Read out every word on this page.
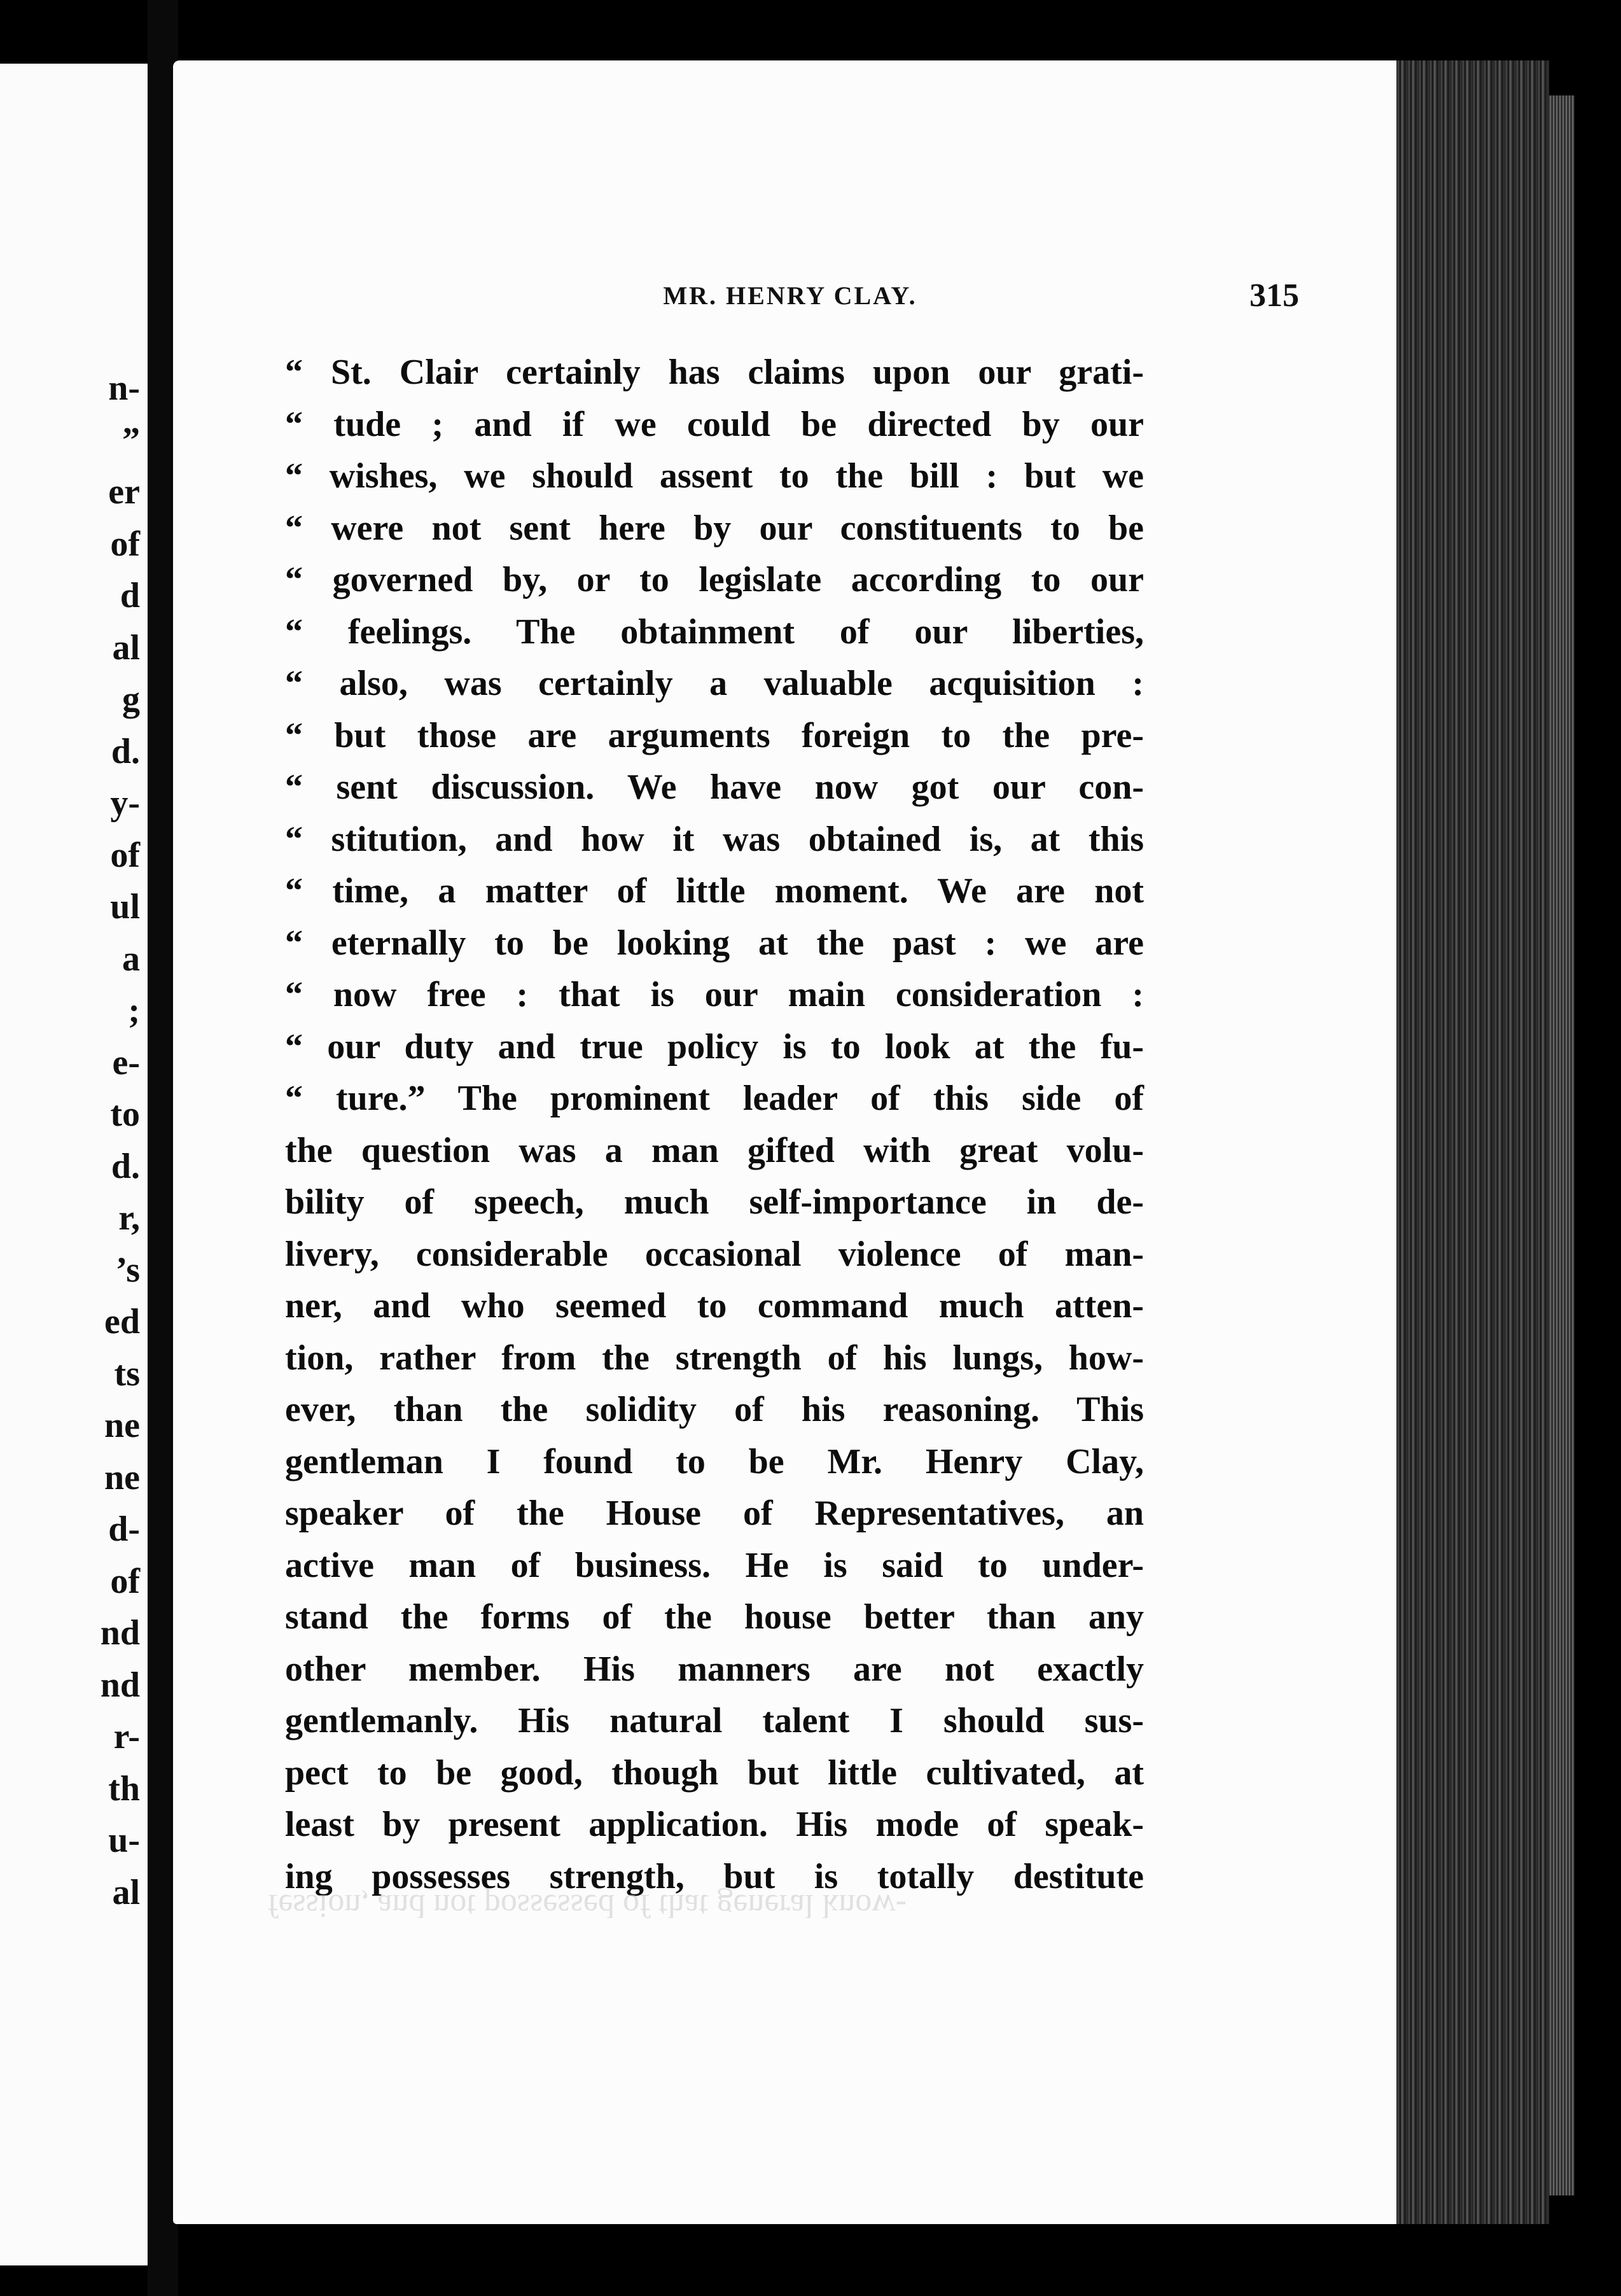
n-
”
er
of
d
al
g
d.
y-
of
ul
a
;
e-
to
d.
r,
’s
ed
ts
ne
ne
d-
of
nd
nd
r-
th
u-
al
MR. HENRY CLAY.	315
“ St. Clair certainly has claims upon our grati-
“ tude ; and if we could be directed by our
“ wishes, we should assent to the bill : but we
“ were not sent here by our constituents to be
“ governed by, or to legislate according to our
“ feelings. The obtainment of our liberties,
“ also, was certainly a valuable acquisition :
“ but those are arguments foreign to the pre-
“ sent discussion. We have now got our con-
“ stitution, and how it was obtained is, at this
“ time, a matter of little moment. We are not
“ eternally to be looking at the past : we are
“ now free : that is our main consideration :
“ our duty and true policy is to look at the fu-
“ ture.” The prominent leader of this side of
the question was a man gifted with great volu-
bility of speech, much self-importance in de-
livery, considerable occasional violence of man-
ner, and who seemed to command much atten-
tion, rather from the strength of his lungs, how-
ever, than the solidity of his reasoning. This
gentleman I found to be Mr. Henry Clay,
speaker of the House of Representatives, an
active man of business. He is said to under-
stand the forms of the house better than any
other member. His manners are not exactly
gentlemanly. His natural talent I should sus-
pect to be good, though but little cultivated, at
least by present application. His mode of speak-
ing possesses strength, but is totally destitute
fession, and not possessed of that general know-
